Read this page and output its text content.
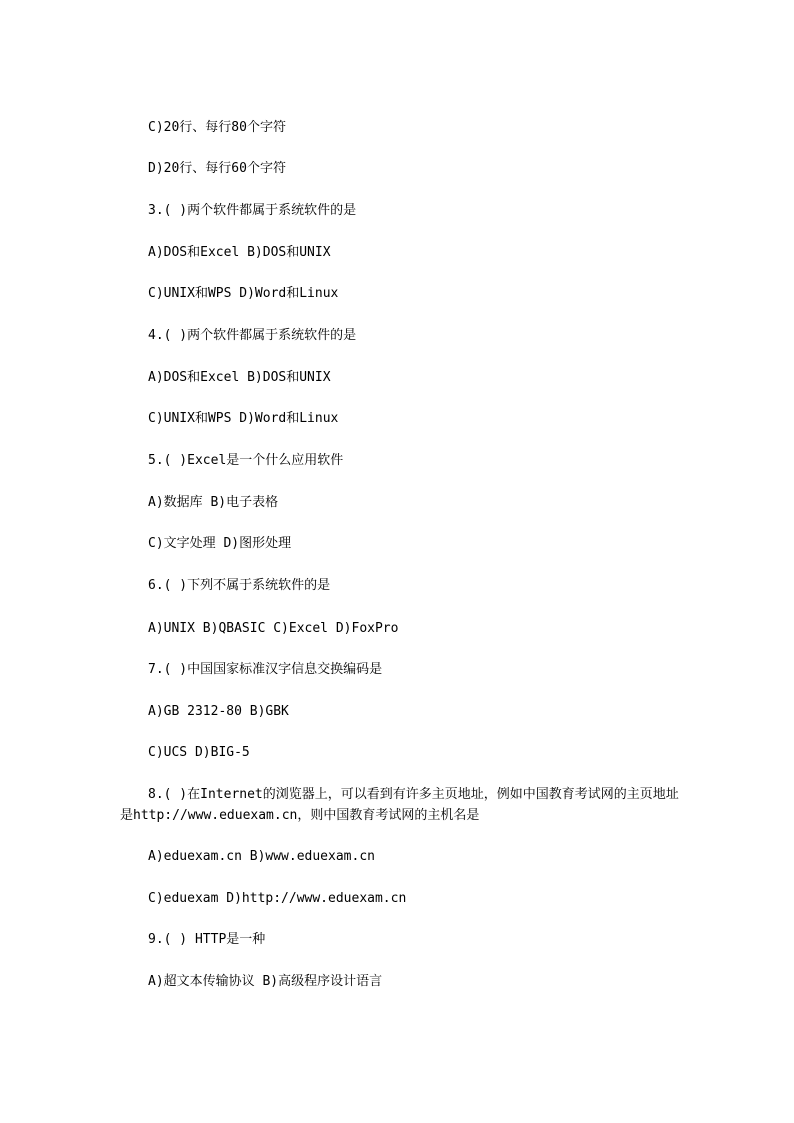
C)20行、每行80个字符
D)20行、每行60个字符
3.( )两个软件都属于系统软件的是
A)DOS和Excel B)DOS和UNIX
C)UNIX和WPS D)Word和Linux
4.( )两个软件都属于系统软件的是
A)DOS和Excel B)DOS和UNIX
C)UNIX和WPS D)Word和Linux
5.( )Excel是一个什么应用软件
A)数据库 B)电子表格
C)文字处理 D)图形处理
6.( )下列不属于系统软件的是
A)UNIX B)QBASIC C)Excel D)FoxPro
7.( )中国国家标准汉字信息交换编码是
A)GB 2312-80 B)GBK
C)UCS D)BIG-5
8.( )在Internet的浏览器上，可以看到有许多主页地址，例如中国教育考试网的主页地址是http://www.eduexam.cn，则中国教育考试网的主机名是
A)eduexam.cn B)www.eduexam.cn
C)eduexam D)http://www.eduexam.cn
9.( ) HTTP是一种
A)超文本传输协议 B)高级程序设计语言
